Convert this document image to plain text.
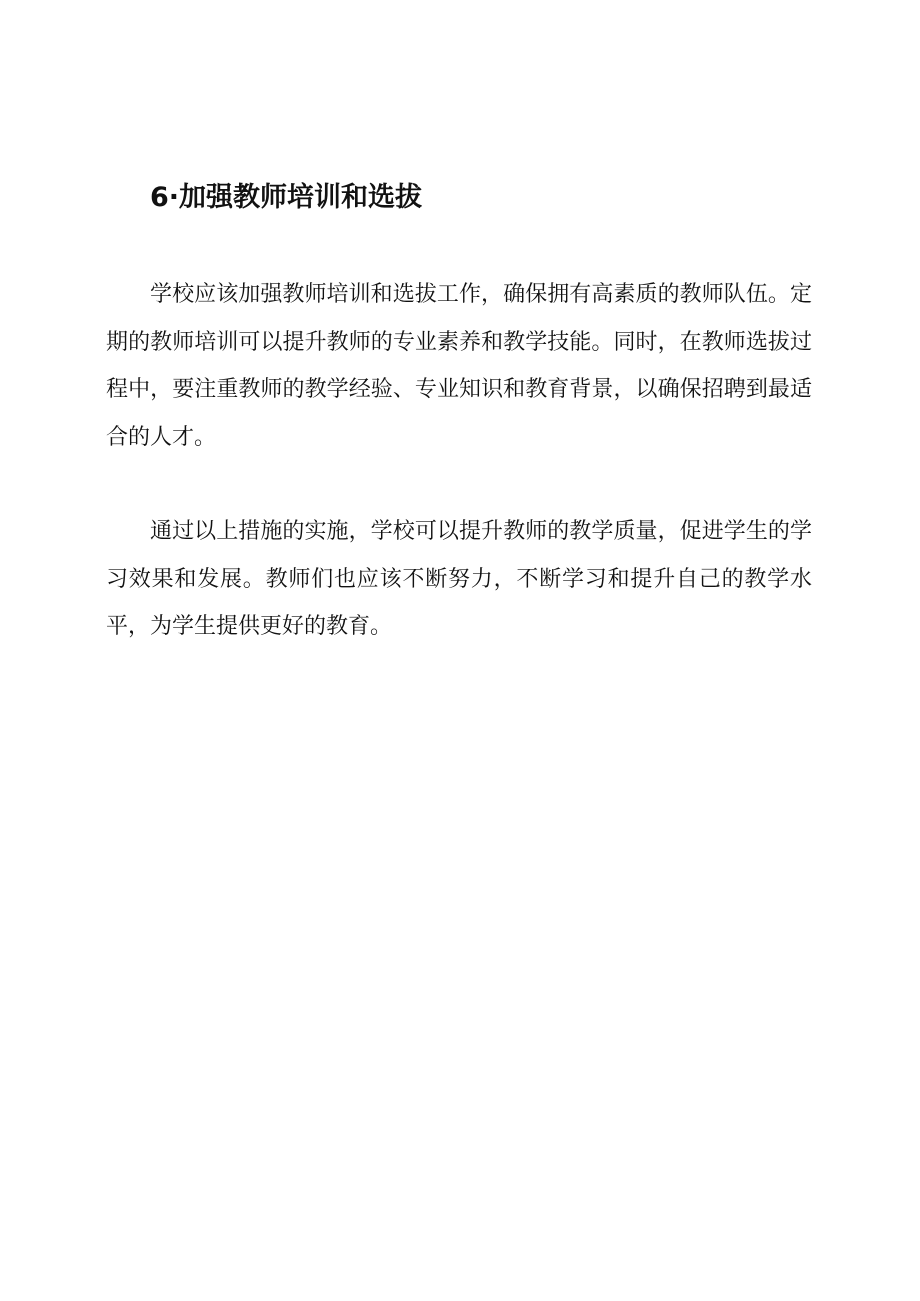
6·加强教师培训和选拔

学校应该加强教师培训和选拔工作，确保拥有高素质的教师队伍。定期的教师培训可以提升教师的专业素养和教学技能。同时，在教师选拔过程中，要注重教师的教学经验、专业知识和教育背景，以确保招聘到最适合的人才。

通过以上措施的实施，学校可以提升教师的教学质量，促进学生的学习效果和发展。教师们也应该不断努力，不断学习和提升自己的教学水平，为学生提供更好的教育。
